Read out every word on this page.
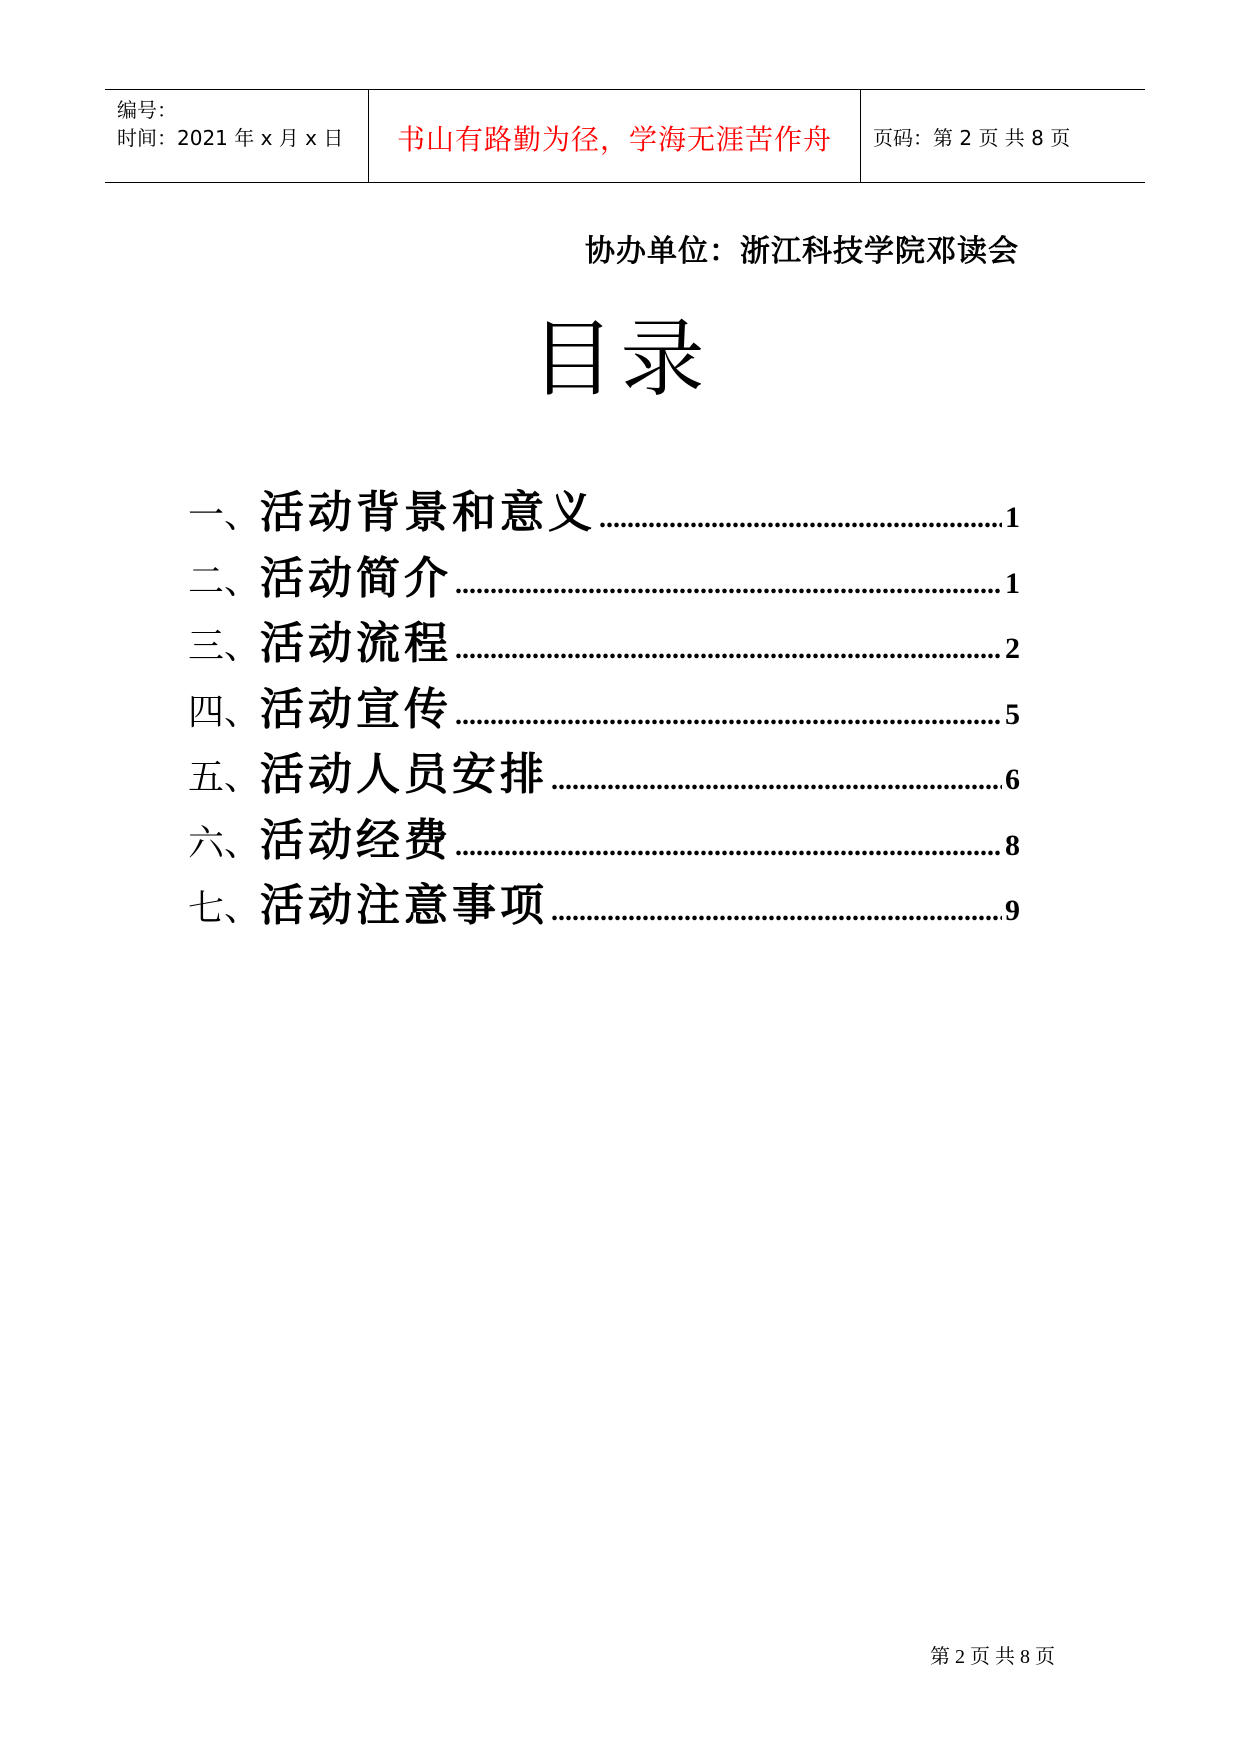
编号：
时间：2021 年 x 月 x 日	书山有路勤为径，学海无涯苦作舟	页码：第 2 页 共 8 页
协办单位：浙江科技学院邓读会
目录
一、 活动背景和意义 .....	1
二、 活动简介 .....	1
三、 活动流程 .....	2
四、 活动宣传 .....	5
五、 活动人员安排 .....	6
六、 活动经费 .....	8
七、 活动注意事项 .....	9
第 2 页 共 8 页
